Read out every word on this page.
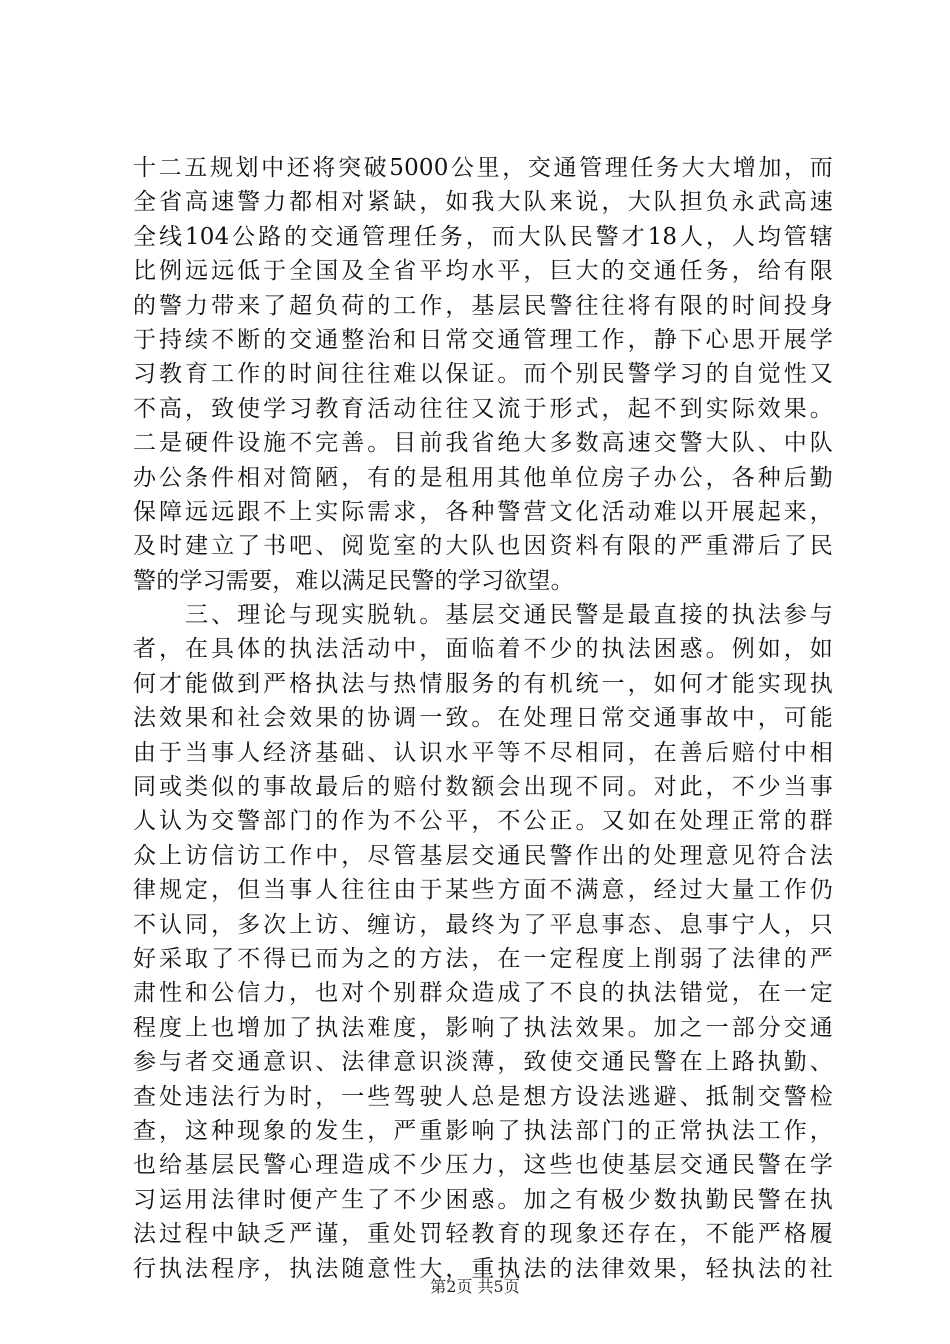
十二五规划中还将突破5000公里，交通管理任务大大增加，而
全省高速警力都相对紧缺，如我大队来说，大队担负永武高速
全线104公路的交通管理任务，而大队民警才18人，人均管辖
比例远远低于全国及全省平均水平，巨大的交通任务，给有限
的警力带来了超负荷的工作，基层民警往往将有限的时间投身
于持续不断的交通整治和日常交通管理工作，静下心思开展学
习教育工作的时间往往难以保证。而个别民警学习的自觉性又
不高，致使学习教育活动往往又流于形式，起不到实际效果。
二是硬件设施不完善。目前我省绝大多数高速交警大队、中队
办公条件相对简陋，有的是租用其他单位房子办公，各种后勤
保障远远跟不上实际需求，各种警营文化活动难以开展起来，
及时建立了书吧、阅览室的大队也因资料有限的严重滞后了民
警的学习需要，难以满足民警的学习欲望。
　　三、理论与现实脱轨。基层交通民警是最直接的执法参与
者，在具体的执法活动中，面临着不少的执法困惑。例如，如
何才能做到严格执法与热情服务的有机统一，如何才能实现执
法效果和社会效果的协调一致。在处理日常交通事故中，可能
由于当事人经济基础、认识水平等不尽相同，在善后赔付中相
同或类似的事故最后的赔付数额会出现不同。对此，不少当事
人认为交警部门的作为不公平，不公正。又如在处理正常的群
众上访信访工作中，尽管基层交通民警作出的处理意见符合法
律规定，但当事人往往由于某些方面不满意，经过大量工作仍
不认同，多次上访、缠访，最终为了平息事态、息事宁人，只
好采取了不得已而为之的方法，在一定程度上削弱了法律的严
肃性和公信力，也对个别群众造成了不良的执法错觉，在一定
程度上也增加了执法难度，影响了执法效果。加之一部分交通
参与者交通意识、法律意识淡薄，致使交通民警在上路执勤、
查处违法行为时，一些驾驶人总是想方设法逃避、抵制交警检
查，这种现象的发生，严重影响了执法部门的正常执法工作，
也给基层民警心理造成不少压力，这些也使基层交通民警在学
习运用法律时便产生了不少困惑。加之有极少数执勤民警在执
法过程中缺乏严谨，重处罚轻教育的现象还存在，不能严格履
行执法程序，执法随意性大，重执法的法律效果，轻执法的社
第2页 共5页
